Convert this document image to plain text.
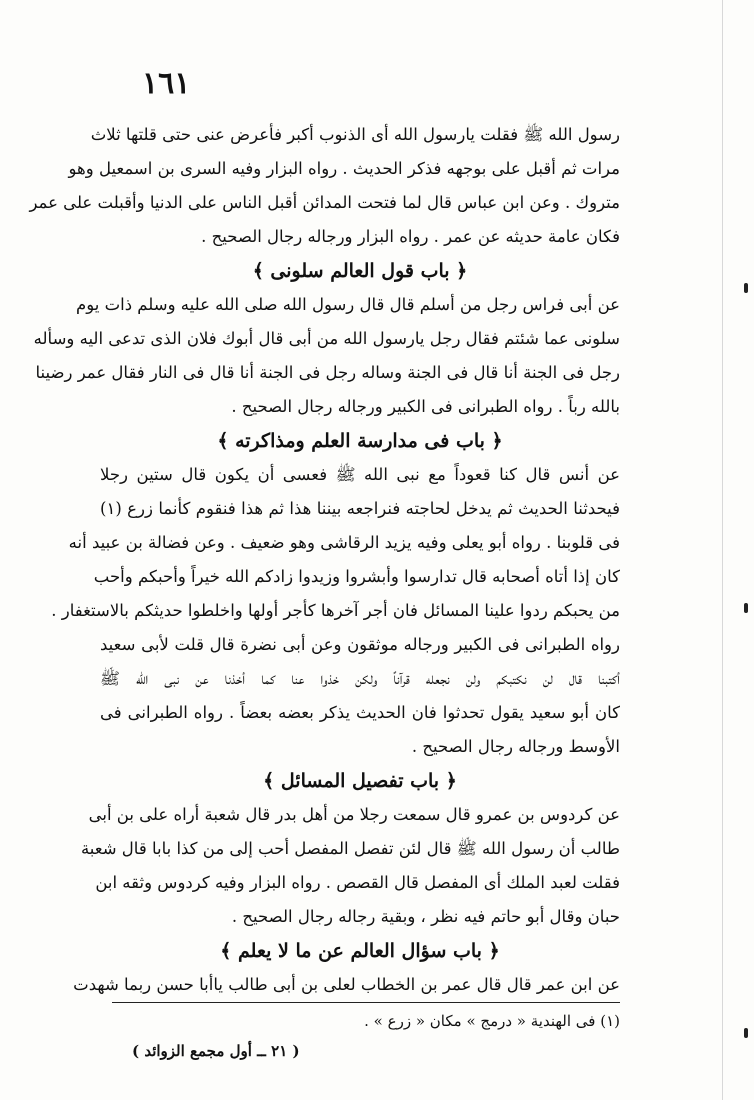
١٦١
رسول الله ﷺ فقلت يارسول الله أى الذنوب أكبر فأعرض عنى حتى قلتها ثلاث
مرات ثم أقبل على بوجهه فذكر الحديث . رواه البزار وفيه السرى بن اسمعيل وهو
متروك . وعن ابن عباس قال لما فتحت المدائن أقبل الناس على الدنيا وأقبلت على عمر
فكان عامة حديثه عن عمر . رواه البزار ورجاله رجال الصحيح .
﴿ باب قول العالم سلونى ﴾
عن أبى فراس رجل من أسلم قال قال رسول الله صلى الله عليه وسلم ذات يوم
سلونى عما شئتم فقال رجل يارسول الله من أبى قال أبوك فلان الذى تدعى اليه وسأله
رجل فى الجنة أنا قال فى الجنة وساله رجل فى الجنة أنا قال فى النار فقال عمر رضينا
بالله رباً . رواه الطبرانى فى الكبير ورجاله رجال الصحيح .
﴿ باب فى مدارسة العلم ومذاكرته ﴾
عن أنس قال كنا قعوداً مع نبى الله ﷺ فعسى أن يكون قال ستين رجلا
فيحدثنا الحديث ثم يدخل لحاجته فنراجعه بيننا هذا ثم هذا فنقوم كأنما زرع (١)
فى قلوبنا . رواه أبو يعلى وفيه يزيد الرقاشى وهو ضعيف . وعن فضالة بن عبيد أنه
كان إذا أتاه أصحابه قال تدارسوا وأبشروا وزيدوا زادكم الله خيراً وأحبكم وأحب
من يحبكم ردوا علينا المسائل فان أجر آخرها كأجر أولها واخلطوا حديثكم بالاستغفار .
رواه الطبرانى فى الكبير ورجاله موثقون وعن أبى نضرة قال قلت لأبى سعيد
أكتبنا قال لن نكتبكم ولن نجعله قرآناً ولكن خذوا عنا كما أخذنا عن نبى الله ﷺ
كان أبو سعيد يقول تحدثوا فان الحديث يذكر بعضه بعضاً . رواه الطبرانى فى
الأوسط ورجاله رجال الصحيح .
﴿ باب تفصيل المسائل ﴾
عن كردوس بن عمرو قال سمعت رجلا من أهل بدر قال شعبة أراه على بن أبى
طالب أن رسول الله ﷺ قال لئن تفصل المفصل أحب إلى من كذا بابا قال شعبة
فقلت لعبد الملك أى المفصل قال القصص . رواه البزار وفيه كردوس وثقه ابن
حبان وقال أبو حاتم فيه نظر ، وبقية رجاله رجال الصحيح .
﴿ باب سؤال العالم عن ما لا يعلم ﴾
عن ابن عمر قال قال عمر بن الخطاب لعلى بن أبى طالب ياأبا حسن ربما شهدت
(١) فى الهندية « درمج » مكان « زرع » .
( ٢١ ــ أول مجمع الزوائد )
